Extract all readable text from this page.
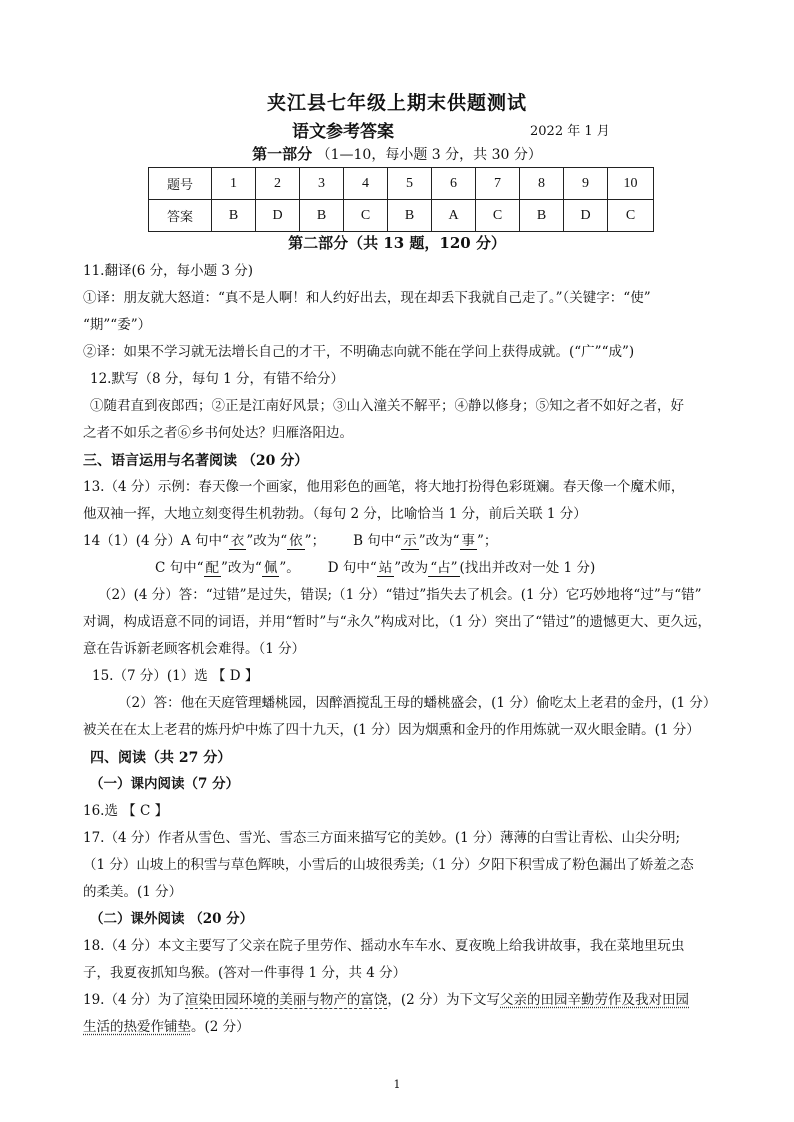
夹江县七年级上期末供题测试
语文参考答案	2022 年 1 月
第一部分 （1—10，每小题 3 分，共 30 分）
题号	1	2	3	4	5	6	7	8	9	10
答案	B	D	B	C	B	A	C	B	D	C
第二部分（共 13 题，120 分）
11.翻译(6 分，每小题 3 分)
①译：朋友就大怒道：“真不是人啊！和人约好出去，现在却丢下我就自己走了。”（关键字：“使”
“期”“委”）
②译：如果不学习就无法增长自己的才干，不明确志向就不能在学问上获得成就。(“广”“成”)
12.默写（8 分，每句 1 分，有错不给分）
①随君直到夜郎西；②正是江南好风景；③山入潼关不解平；④静以修身；⑤知之者不如好之者，好
之者不如乐之者⑥乡书何处达？归雁洛阳边。
三、语言运用与名著阅读 （20 分）
13.（4 分）示例：春天像一个画家，他用彩色的画笔，将大地打扮得色彩斑斓。春天像一个魔术师，
他双袖一挥，大地立刻变得生机勃勃。（每句 2 分，比喻恰当 1 分，前后关联 1 分）
14（1）(4 分）A 句中“ 衣 ”改为“ 依 ”； B 句中“ 示 ”改为“ 事 ”；
C 句中“ 配 ”改为“ 佩 ”。 D 句中“ 站 ”改为 “占” (找出并改对一处 1 分)
（2）(4 分）答：“过错”是过失，错误;（1 分）“错过”指失去了机会。(1 分）它巧妙地将“过”与“错”
对调，构成语意不同的词语，并用“暂时”与“永久”构成对比，（1 分）突出了“错过”的遗憾更大、更久远，
意在告诉新老顾客机会难得。（1 分）
15.（7 分）(1）选 【 D 】
（2）答：他在天庭管理蟠桃园，因醉酒搅乱王母的蟠桃盛会，(1 分）偷吃太上老君的金丹，(1 分）
被关在在太上老君的炼丹炉中炼了四十九天，(1 分）因为烟熏和金丹的作用炼就一双火眼金睛。(1 分）
四、阅读（共 27 分）
（一）课内阅读（7 分）
16.选 【 C 】
17.（4 分）作者从雪色、雪光、雪态三方面来描写它的美妙。(1 分）薄薄的白雪让青松、山尖分明;
（1 分）山坡上的积雪与草色辉映，小雪后的山坡很秀美;（1 分）夕阳下积雪成了粉色漏出了娇羞之态
的柔美。(1 分）
（二）课外阅读 （20 分）
18.（4 分）本文主要写了父亲在院子里劳作、摇动水车车水、夏夜晚上给我讲故事，我在菜地里玩虫
子，我夏夜抓知鸟猴。(答对一件事得 1 分，共 4 分）
19.（4 分）为了渲染田园环境的美丽与物产的富饶，(2 分）为下文写父亲的田园辛勤劳作及我对田园
生活的热爱作铺垫。(2 分）
1
